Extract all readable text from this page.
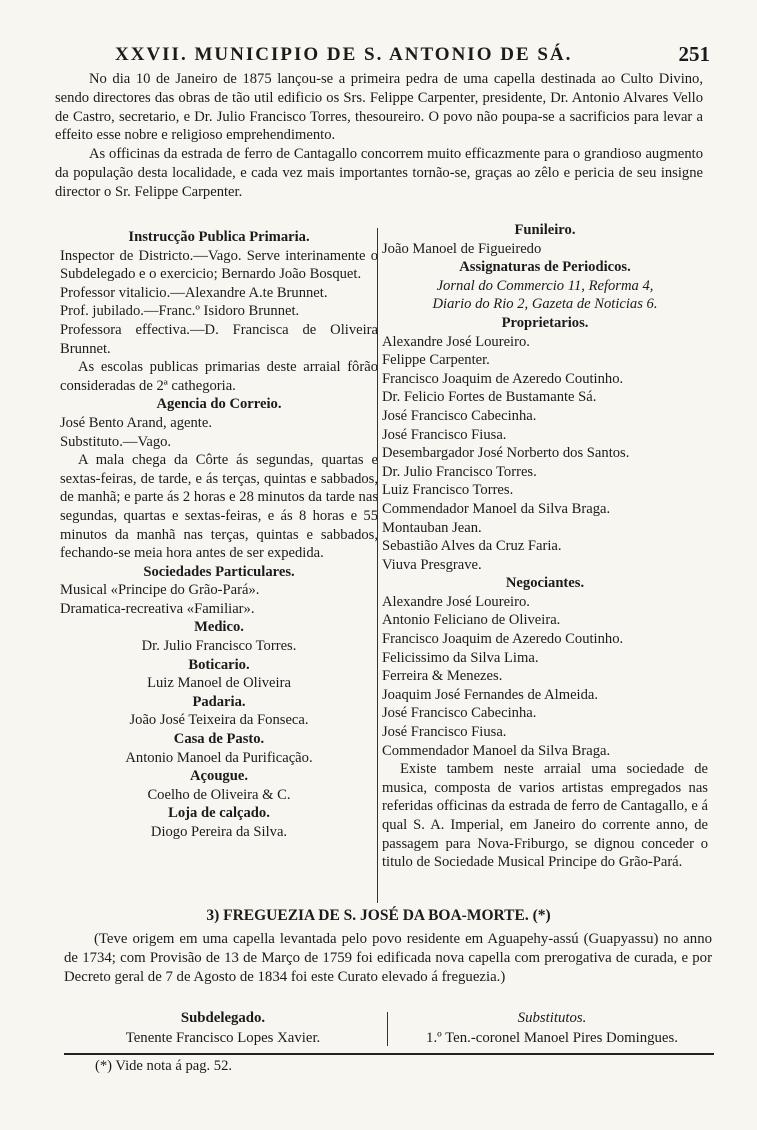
XXVII. MUNICIPIO DE S. ANTONIO DE SÁ.	251

No dia 10 de Janeiro de 1875 lançou-se a primeira pedra de uma capella destinada ao Culto Divino, sendo directores das obras de tão util edificio os Srs. Felippe Carpenter, presidente, Dr. Antonio Alvares Vello de Castro, secretario, e Dr. Julio Francisco Torres, thesoureiro. O povo não poupa-se a sacrificios para levar a effeito esse nobre e religioso emprehendimento.

As officinas da estrada de ferro de Cantagallo concorrem muito efficazmente para o grandioso augmento da população desta localidade, e cada vez mais importantes tornão-se, graças ao zêlo e pericia de seu insigne director o Sr. Felippe Carpenter.

Instrucção Publica Primaria.

Inspector de Districto.—Vago. Serve interinamente o Subdelegado e o exercicio; Bernardo João Bosquet.

Professor vitalicio.—Alexandre A.te Brunnet.

Prof. jubilado.—Franc.º Isidoro Brunnet.

Professora effectiva.—D. Francisca de Oliveira Brunnet.

As escolas publicas primarias deste arraial fôrão consideradas de 2ª cathegoria.

Agencia do Correio.

José Bento Arand, agente.

Substituto.—Vago.

A mala chega da Côrte ás segundas, quartas e sextas-feiras, de tarde, e ás terças, quintas e sabbados, de manhã; e parte ás 2 horas e 28 minutos da tarde nas segundas, quartas e sextas-feiras, e ás 8 horas e 55 minutos da manhã nas terças, quintas e sabbados, fechando-se meia hora antes de ser expedida.

Sociedades Particulares.

Musical «Principe do Grão-Pará».

Dramatica-recreativa «Familiar».

Medico.

Dr. Julio Francisco Torres.

Boticario.

Luiz Manoel de Oliveira

Padaria.

João José Teixeira da Fonseca.

Casa de Pasto.

Antonio Manoel da Purificação.

Açougue.

Coelho de Oliveira & C.

Loja de calçado.

Diogo Pereira da Silva.

Funileiro.

João Manoel de Figueiredo

Assignaturas de Periodicos.

Jornal do Commercio 11, Reforma 4,

Diario do Rio 2, Gazeta de Noticias 6.

Proprietarios.

Alexandre José Loureiro.

Felippe Carpenter.

Francisco Joaquim de Azeredo Coutinho.

Dr. Felicio Fortes de Bustamante Sá.

José Francisco Cabecinha.

José Francisco Fiusa.

Desembargador José Norberto dos Santos.

Dr. Julio Francisco Torres.

Luiz Francisco Torres.

Commendador Manoel da Silva Braga.

Montauban Jean.

Sebastião Alves da Cruz Faria.

Viuva Presgrave.

Negociantes.

Alexandre José Loureiro.

Antonio Feliciano de Oliveira.

Francisco Joaquim de Azeredo Coutinho.

Felicissimo da Silva Lima.

Ferreira & Menezes.

Joaquim José Fernandes de Almeida.

José Francisco Cabecinha.

José Francisco Fiusa.

Commendador Manoel da Silva Braga.

Existe tambem neste arraial uma sociedade de musica, composta de varios artistas empregados nas referidas officinas da estrada de ferro de Cantagallo, e á qual S. A. Imperial, em Janeiro do corrente anno, de passagem para Nova-Friburgo, se dignou conceder o titulo de Sociedade Musical Principe do Grão-Pará.

3) FREGUEZIA DE S. JOSÉ DA BOA-MORTE. (*)

(Teve origem em uma capella levantada pelo povo residente em Aguapehy-assú (Guapyassu) no anno de 1734; com Provisão de 13 de Março de 1759 foi edificada nova capella com prerogativa de curada, e por Decreto geral de 7 de Agosto de 1834 foi este Curato elevado á freguezia.)

Subdelegado.
Tenente Francisco Lopes Xavier.
Substitutos.
1.º Ten.-coronel Manoel Pires Domingues.
(*) Vide nota á pag. 52.
